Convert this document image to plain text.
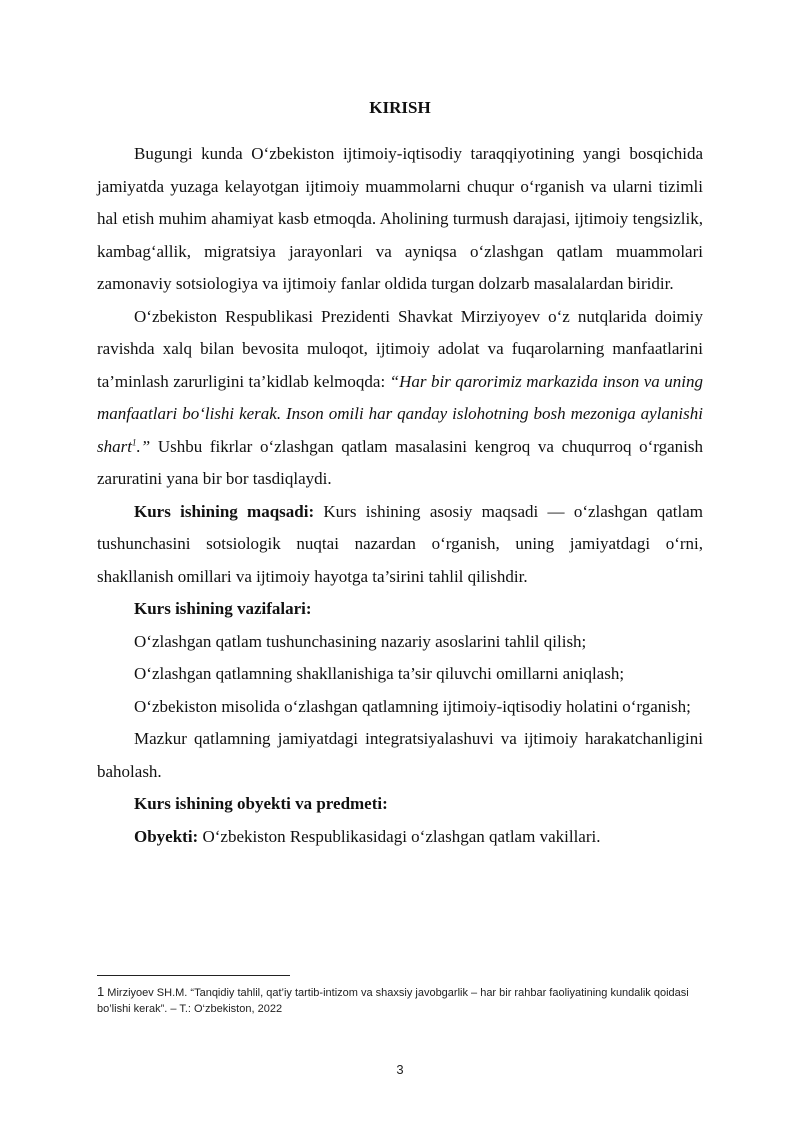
KIRISH

Bugungi kunda O‘zbekiston ijtimoiy-iqtisodiy taraqqiyotining yangi bosqichida jamiyatda yuzaga kelayotgan ijtimoiy muammolarni chuqur o‘rganish va ularni tizimli hal etish muhim ahamiyat kasb etmoqda. Aholining turmush darajasi, ijtimoiy tengsizlik, kambag‘allik, migratsiya jarayonlari va ayniqsa o‘zlashgan qatlam muammolari zamonaviy sotsiologiya va ijtimoiy fanlar oldida turgan dolzarb masalalardan biridir.

O‘zbekiston Respublikasi Prezidenti Shavkat Mirziyoyev o‘z nutqlarida doimiy ravishda xalq bilan bevosita muloqot, ijtimoiy adolat va fuqarolarning manfaatlarini ta’minlash zarurligini ta’kidlab kelmoqda: “Har bir qarorimiz markazida inson va uning manfaatlari bo‘lishi kerak. Inson omili har qanday islohotning bosh mezoniga aylanishi shart$^1$.” Ushbu fikrlar o‘zlashgan qatlam masalasini kengroq va chuqurroq o‘rganish zaruratini yana bir bor tasdiqlaydi.

Kurs ishining maqsadi: Kurs ishining asosiy maqsadi — o‘zlashgan qatlam tushunchasini sotsiologik nuqtai nazardan o‘rganish, uning jamiyatdagi o‘rni, shakllanish omillari va ijtimoiy hayotga ta’sirini tahlil qilishdir.

Kurs ishining vazifalari:

O‘zlashgan qatlam tushunchasining nazariy asoslarini tahlil qilish;

O‘zlashgan qatlamning shakllanishiga ta’sir qiluvchi omillarni aniqlash;

O‘zbekiston misolida o‘zlashgan qatlamning ijtimoiy-iqtisodiy holatini o‘rganish;

Mazkur qatlamning jamiyatdagi integratsiyalashuvi va ijtimoiy harakatchanligini baholash.

Kurs ishining obyekti va predmeti:

Obyekti: O‘zbekiston Respublikasidagi o‘zlashgan qatlam vakillari.

1 Mirziyoev SH.M. “Tanqidiy tahlil, qat’iy tartib-intizom va shaxsiy javobgarlik – har bir rahbar faoliyatining kundalik qoidasi bo’lishi kerak”. – T.: O‘zbekiston, 2022
3
